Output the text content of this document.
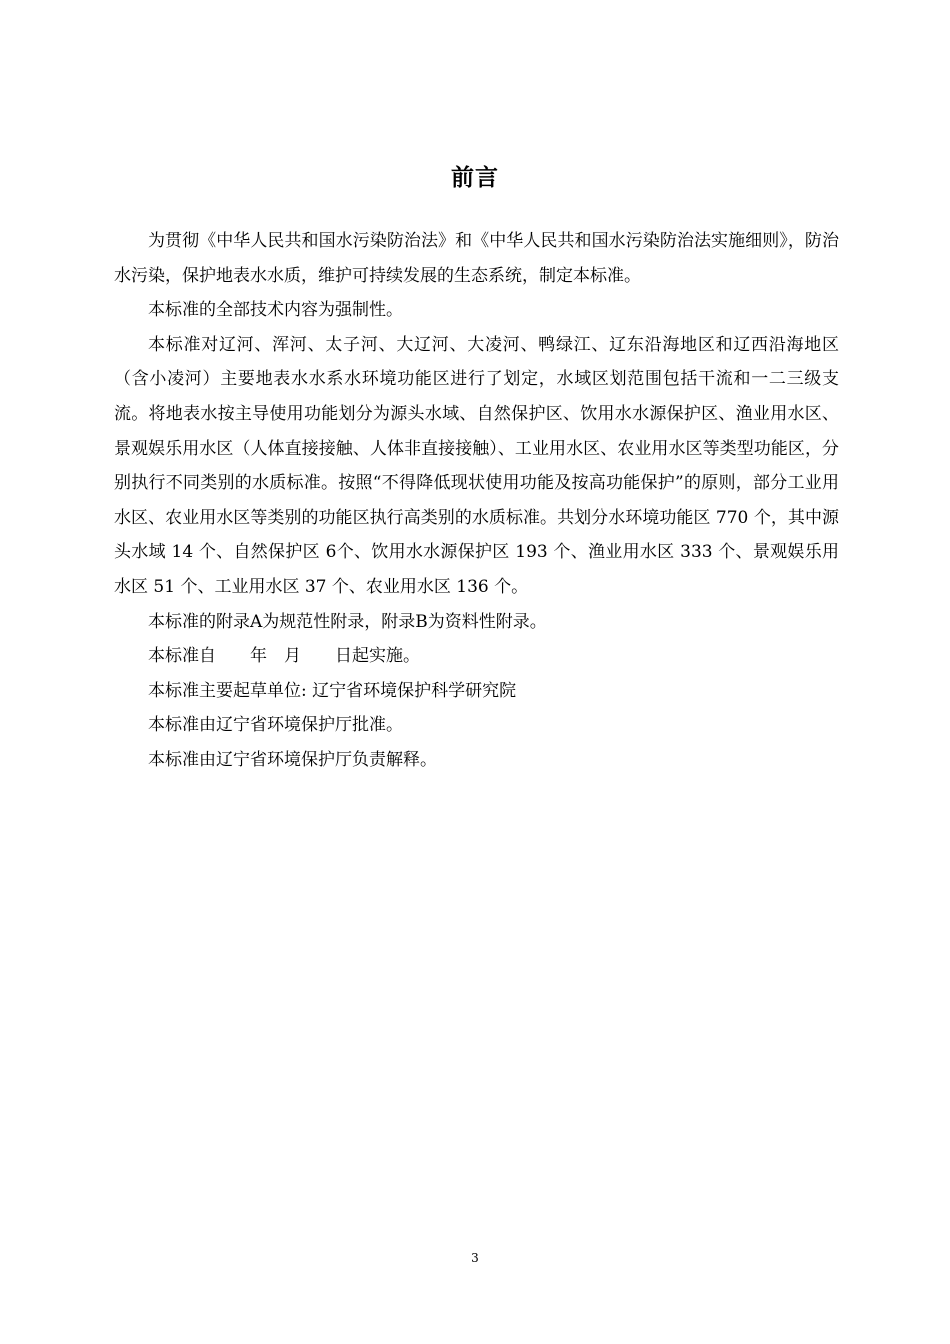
前言

为贯彻《中华人民共和国水污染防治法》和《中华人民共和国水污染防治法实施细则》，防治水污染，保护地表水水质，维护可持续发展的生态系统，制定本标准。

本标准的全部技术内容为强制性。

本标准对辽河、浑河、太子河、大辽河、大凌河、鸭绿江、辽东沿海地区和辽西沿海地区（含小凌河）主要地表水水系水环境功能区进行了划定，水域区划范围包括干流和一二三级支流。将地表水按主导使用功能划分为源头水域、自然保护区、饮用水水源保护区、渔业用水区、景观娱乐用水区（人体直接接触、人体非直接接触）、工业用水区、农业用水区等类型功能区，分别执行不同类别的水质标准。按照“不得降低现状使用功能及按高功能保护”的原则，部分工业用水区、农业用水区等类别的功能区执行高类别的水质标准。共划分水环境功能区 770 个，其中源头水域 14 个、自然保护区 6个、饮用水水源保护区 193 个、渔业用水区 333 个、景观娱乐用水区 51 个、工业用水区 37 个、农业用水区 136 个。

本标准的附录A为规范性附录，附录B为资料性附录。

本标准自　　年　月　　日起实施。

本标准主要起草单位: 辽宁省环境保护科学研究院

本标准由辽宁省环境保护厅批准。

本标准由辽宁省环境保护厅负责解释。

3
